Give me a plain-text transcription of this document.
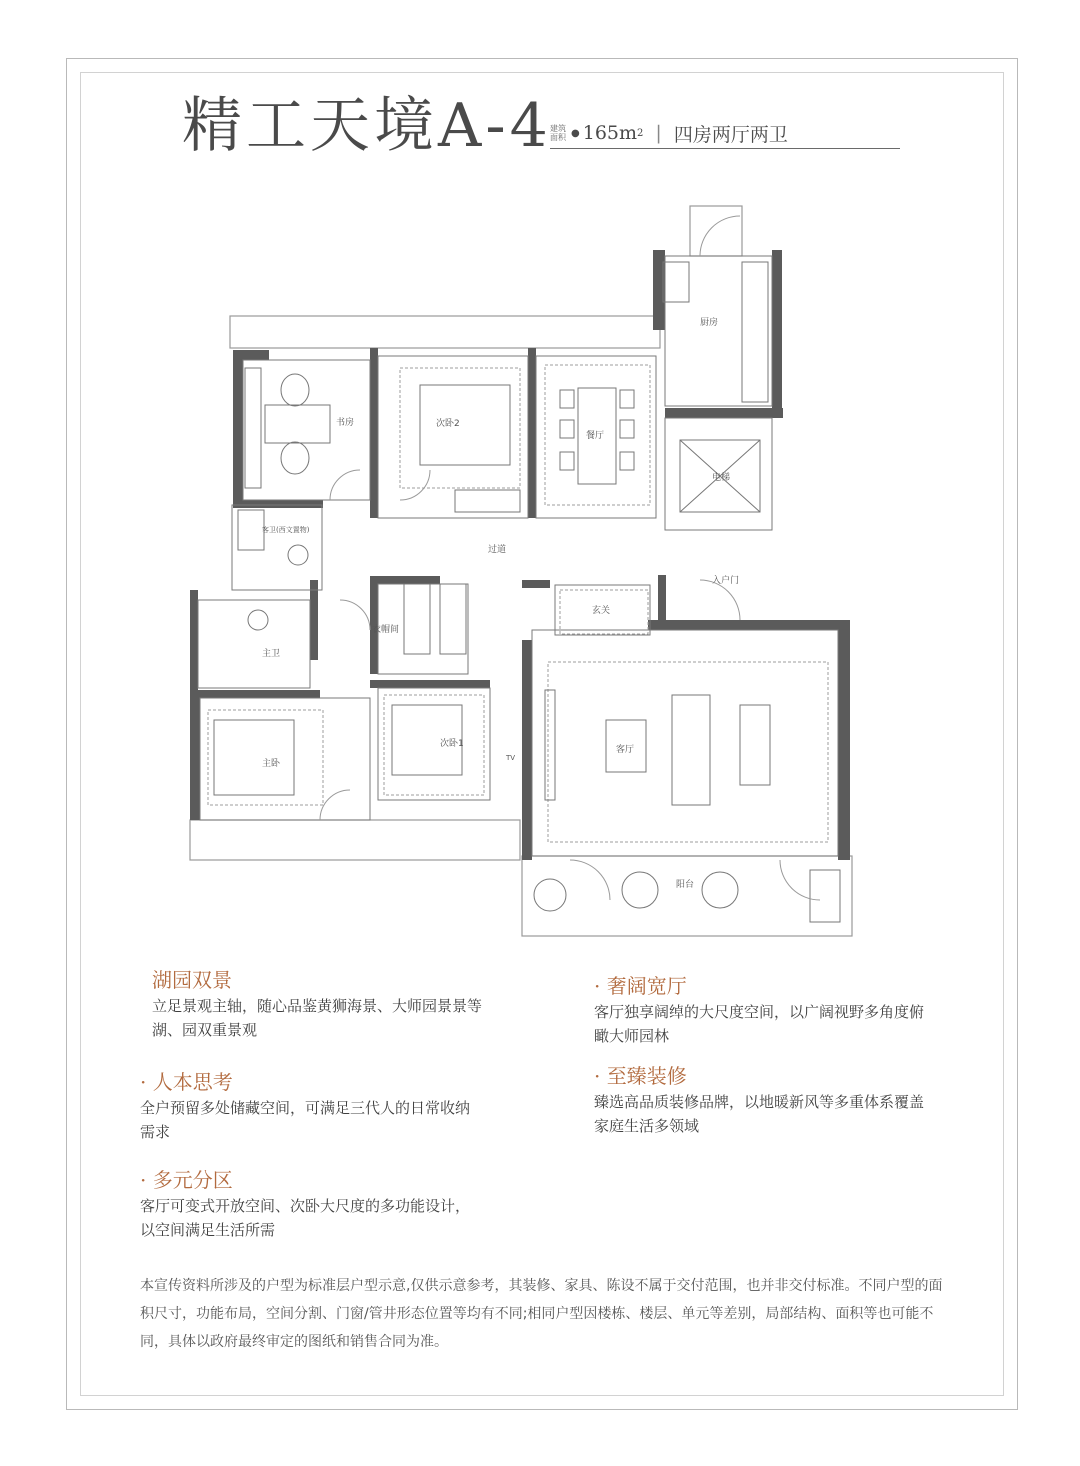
精工天境A-4
建筑面积 ● 165m 2 | 四房两厅两卫
书房	次卧2
餐厅
厨房
电梯
过道
入户门
玄关
衣帽间
客卫(西文置物)
主卫
主卧
次卧1
客厅
阳台
TV
湖园双景
立足景观主轴，随心品鉴黄狮海景、大师园景景等湖、园双重景观
· 奢阔宽厅
客厅独享阔绰的大尺度空间，以广阔视野多角度俯瞰大师园林
· 人本思考
全户预留多处储藏空间，可满足三代人的日常收纳需求
· 至臻装修
臻选高品质装修品牌，以地暖新风等多重体系覆盖家庭生活多领域
· 多元分区
客厅可变式开放空间、次卧大尺度的多功能设计，以空间满足生活所需
本宣传资料所涉及的户型为标准层户型示意,仅供示意参考，其装修、家具、陈设不属于交付范围，也并非交付标准。不同户型的面积尺寸，功能布局，空间分割、门窗/管井形态位置等均有不同;相同户型因楼栋、楼层、单元等差别，局部结构、面积等也可能不同，具体以政府最终审定的图纸和销售合同为准。
